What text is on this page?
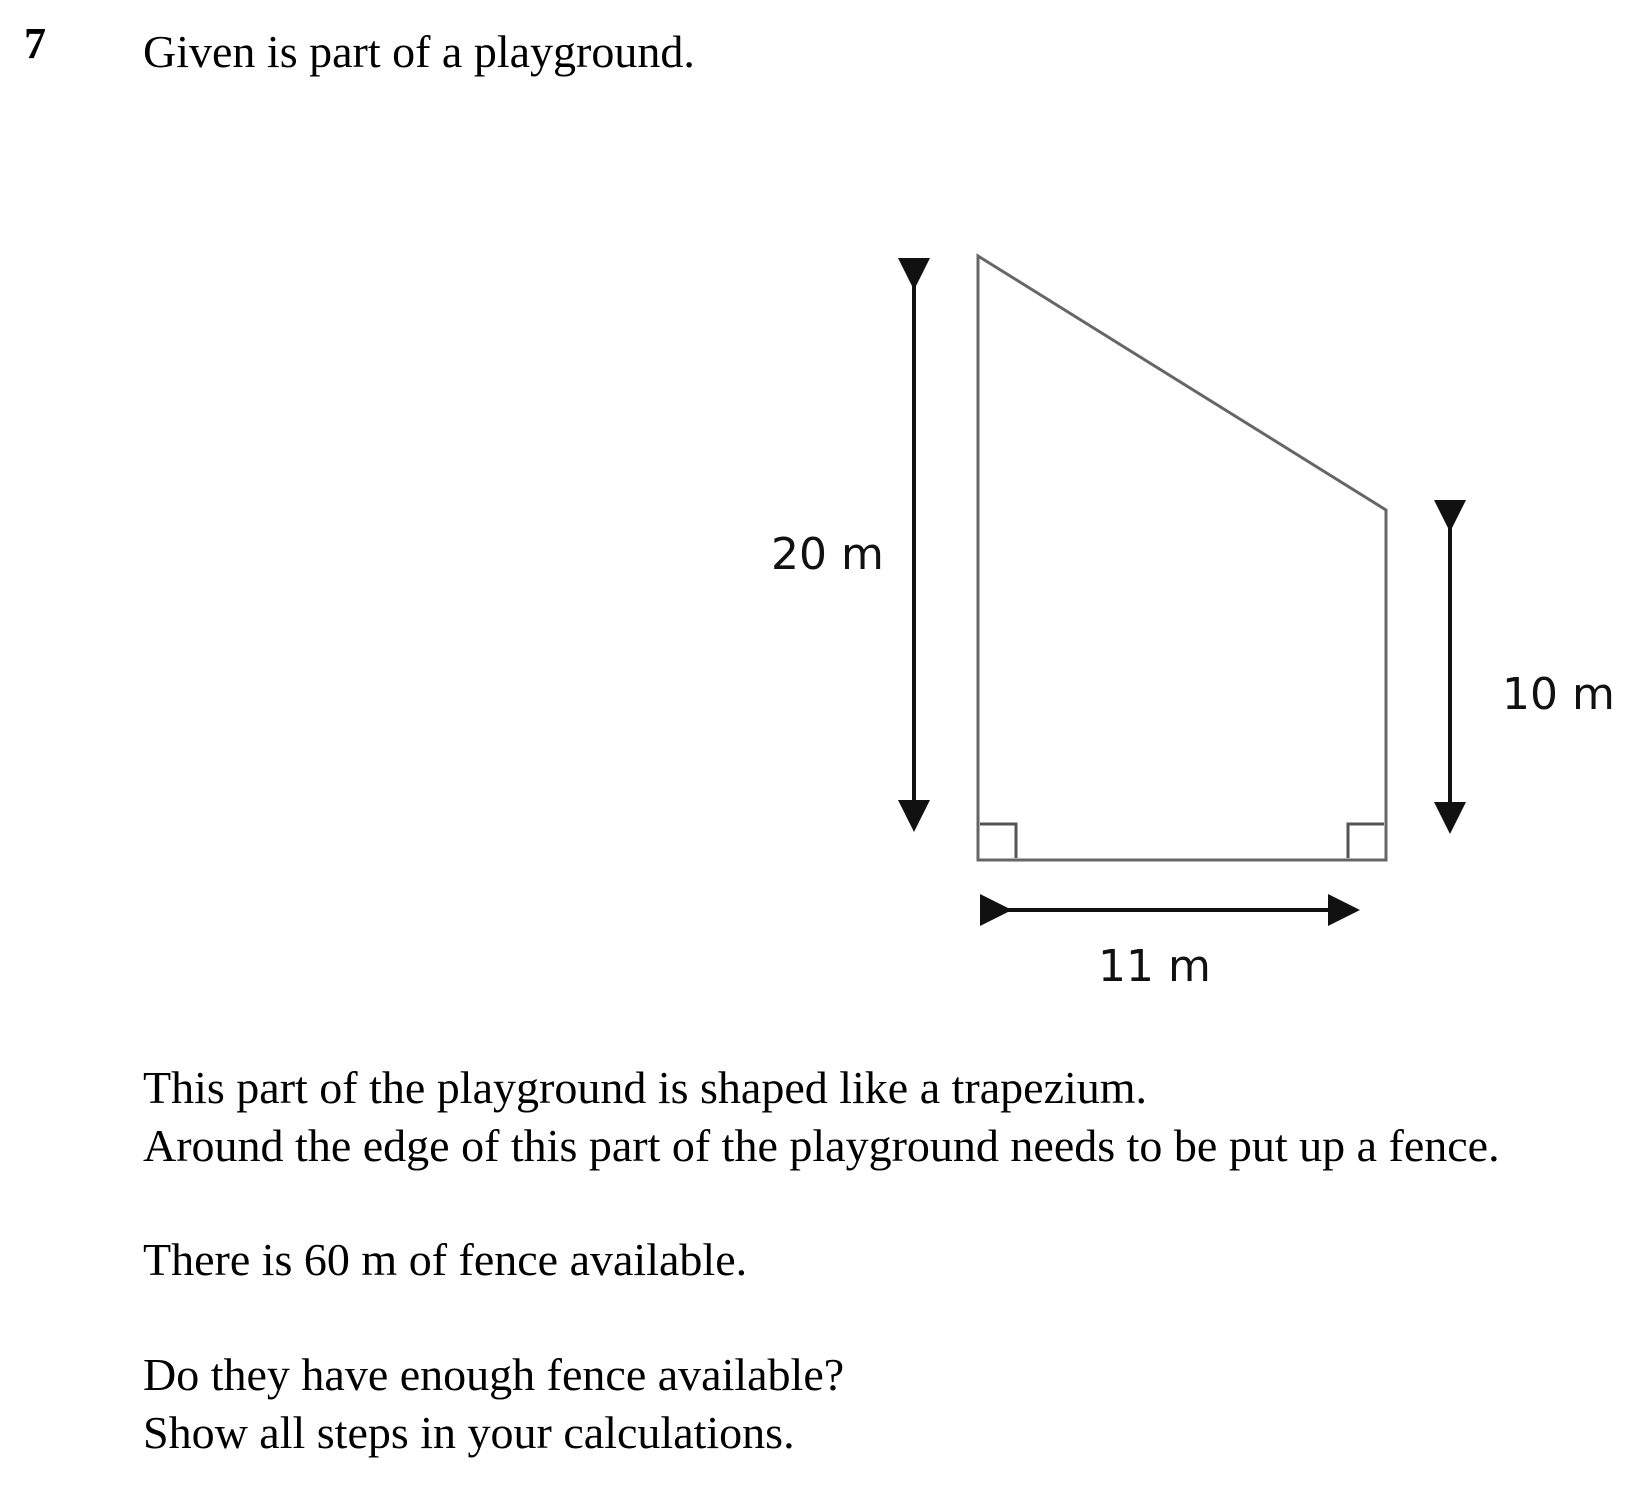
7 Given is part of a playground.
20 m
10 m
11 m

This part of the playground is shaped like a trapezium.

Around the edge of this part of the playground needs to be put up a fence.

There is 60 m of fence available.

Do they have enough fence available?

Show all steps in your calculations.
